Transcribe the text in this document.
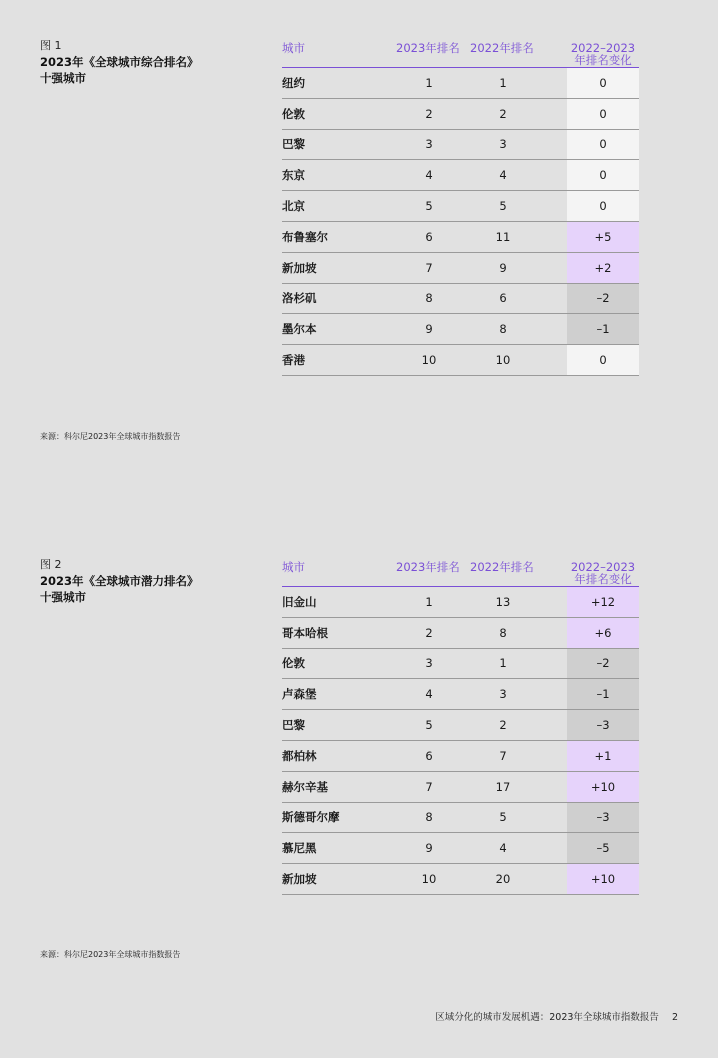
图 1
2023年《全球城市综合排名》
十强城市
城市	2023年排名 2022年排名	2022–2023
年排名变化
纽约	1	1	0
伦敦	2	2	0
巴黎	3	3	0
东京	4	4	0
北京	5	5	0
布鲁塞尔	6	11	+5
新加坡	7	9	+2
洛杉矶	8	6	–2
墨尔本	9	8	–1
香港	10	10	0
来源：科尔尼2023年全球城市指数报告
图 2
2023年《全球城市潜力排名》
十强城市
城市	2023年排名 2022年排名	2022–2023
年排名变化
旧金山	1	13	+12
哥本哈根	2	8	+6
伦敦	3	1	–2
卢森堡	4	3	–1
巴黎	5	2	–3
都柏林	6	7	+1
赫尔辛基	7	17	+10
斯德哥尔摩	8	5	–3
慕尼黑	9	4	–5
新加坡	10	20	+10
来源：科尔尼2023年全球城市指数报告
区域分化的城市发展机遇：2023年全球城市指数报告 2
